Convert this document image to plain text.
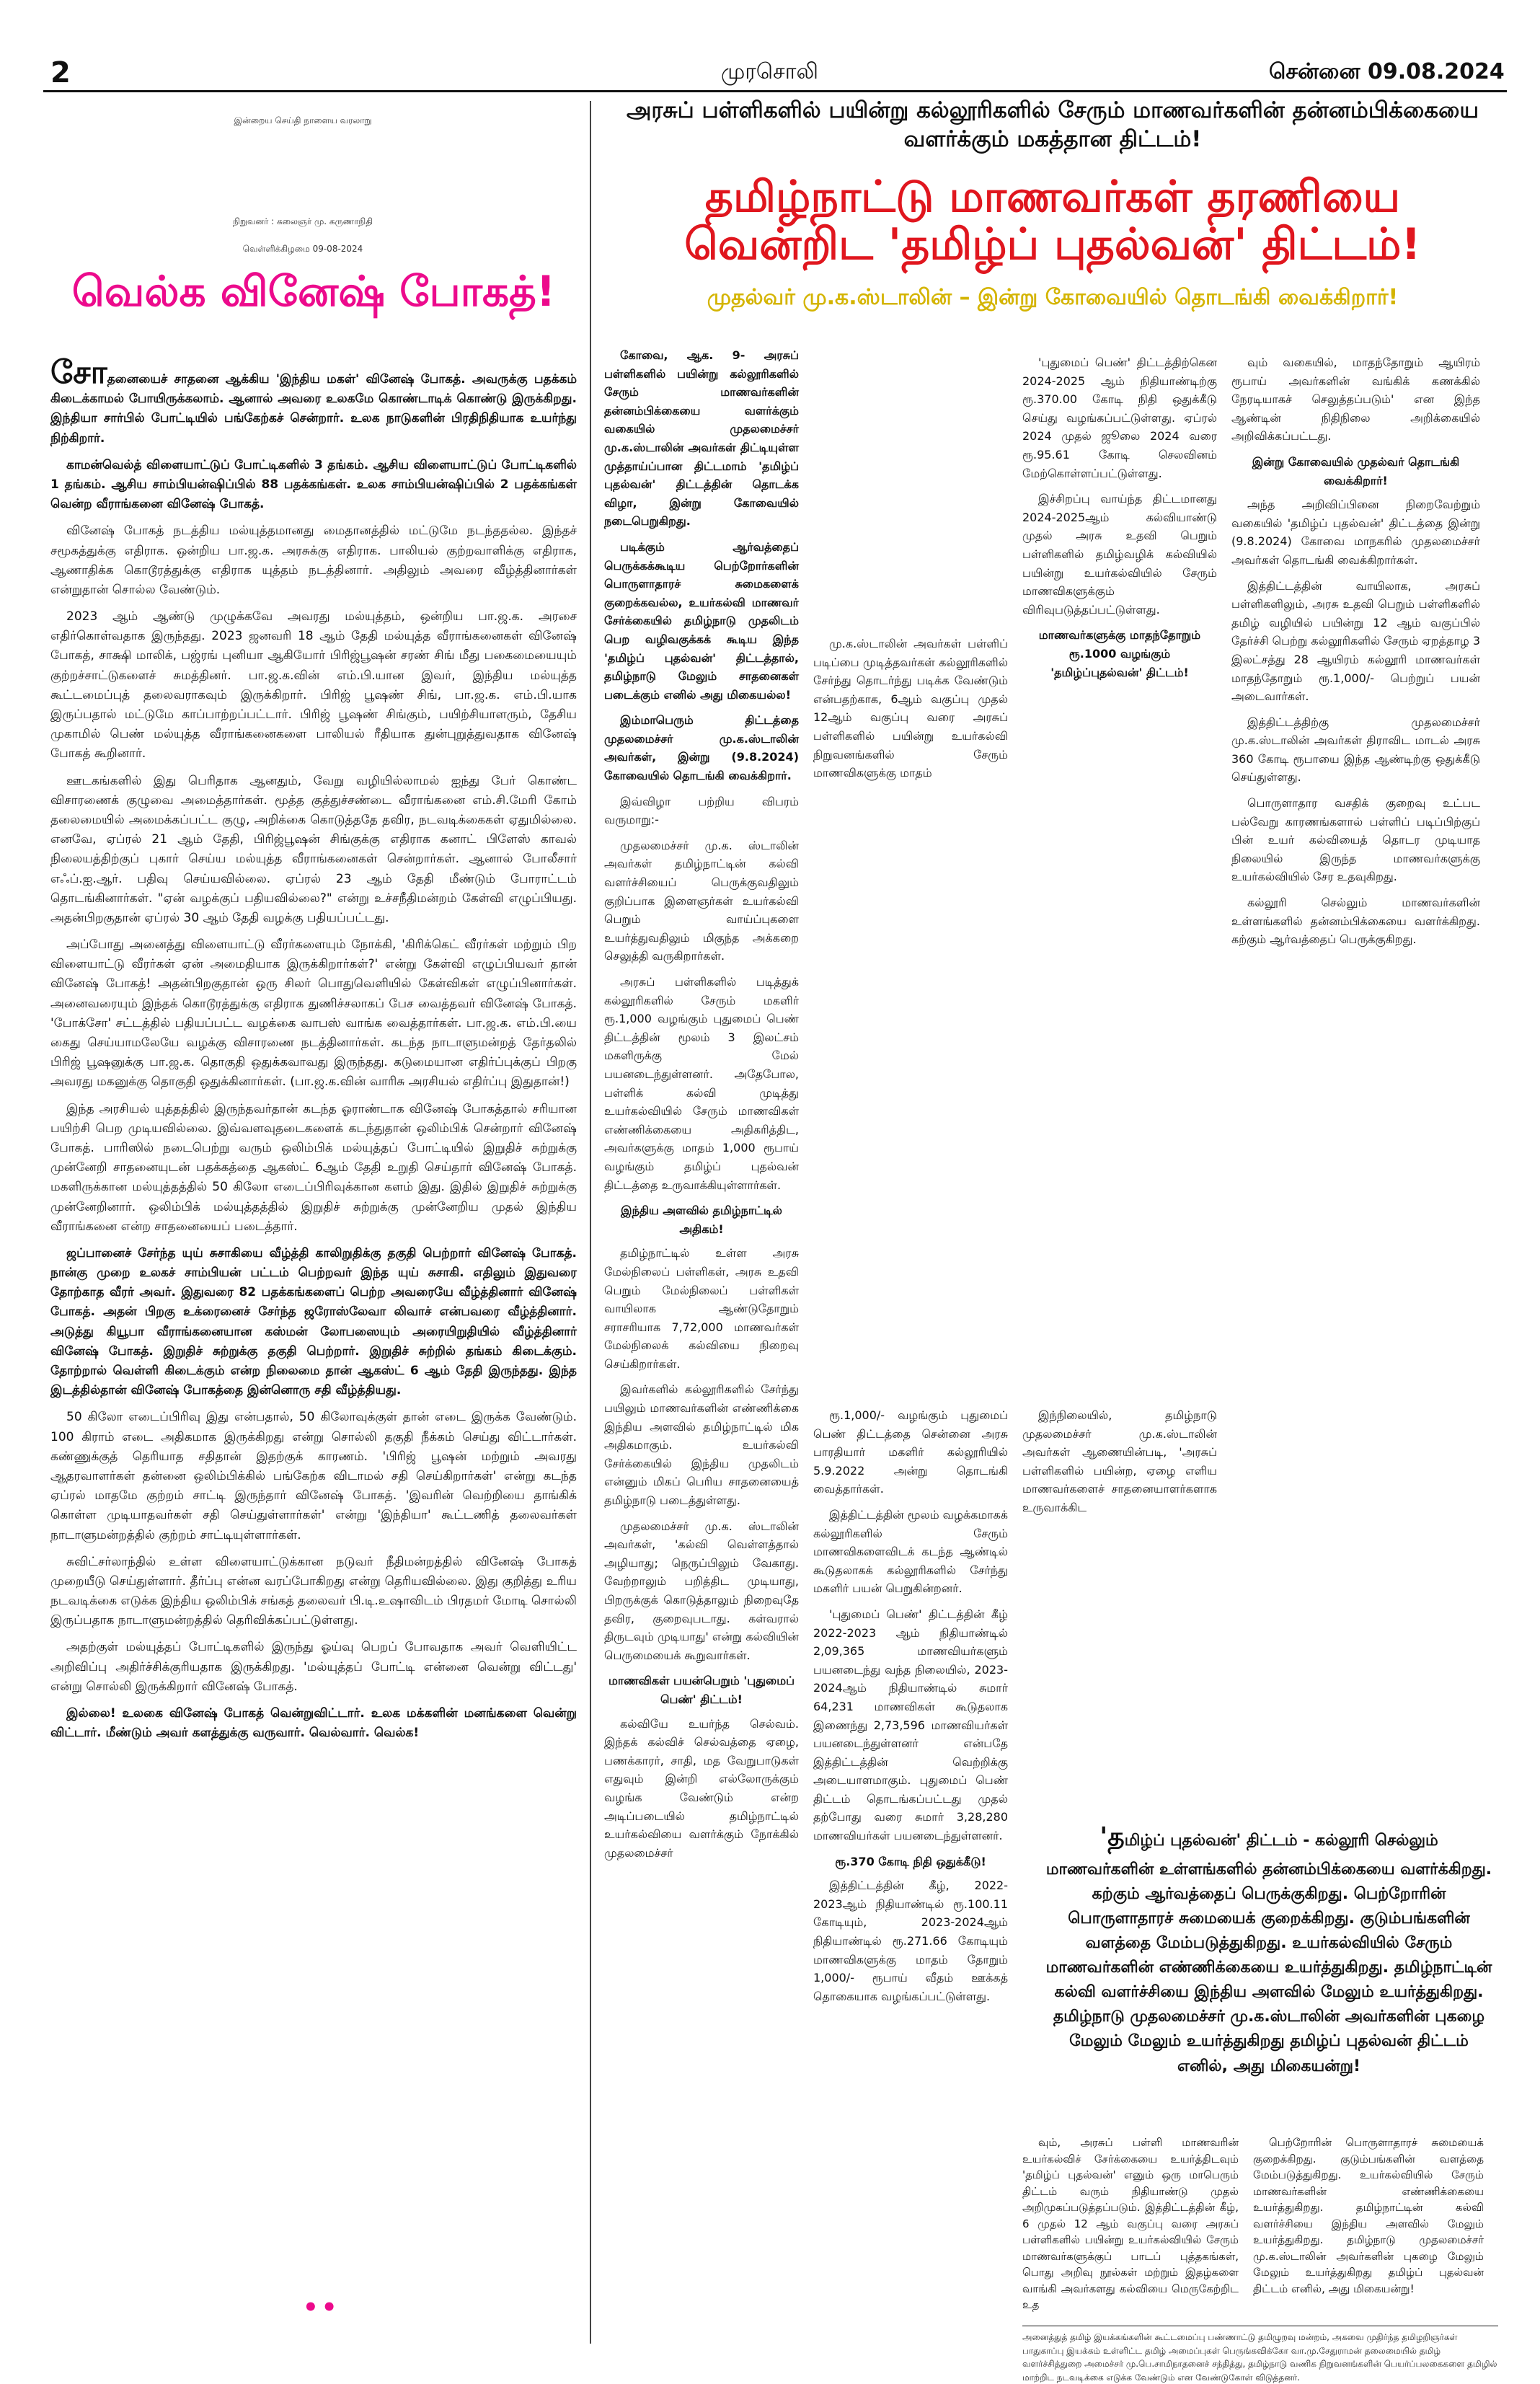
2	முரசொலி	சென்னை 09.08.2024
இன்றைய செய்தி நாளைய வரலாறு
நிறுவனர் : கலைஞர் மு. கருணாநிதி
வெள்ளிக்கிழமை 09-08-2024
வெல்க வினேஷ் போகத்!
அரசுப் பள்ளிகளில் பயின்று கல்லூரிகளில் சேரும் மாணவர்களின் தன்னம்பிக்கையை வளர்க்கும் மகத்தான திட்டம்!
தமிழ்நாட்டு மாணவர்கள் தரணியை வென்றிட 'தமிழ்ப் புதல்வன்' திட்டம்!
முதல்வர் மு.க.ஸ்டாலின் – இன்று கோவையில் தொடங்கி வைக்கிறார்!

சோதனையைச் சாதனை ஆக்கிய 'இந்திய மகள்' வினேஷ் போகத். அவருக்கு பதக்கம் கிடைக்காமல் போயிருக்கலாம். ஆனால் அவரை உலகமே கொண்டாடிக் கொண்டு இருக்கிறது. இந்தியா சார்பில் போட்டியில் பங்கேற்கச் சென்றார். உலக நாடுகளின் பிரதிநிதியாக உயர்ந்து நிற்கிறார்.

காமன்வெல்த் விளையாட்டுப் போட்டிகளில் 3 தங்கம். ஆசிய விளையாட்டுப் போட்டிகளில் 1 தங்கம். ஆசிய சாம்பியன்ஷிப்பில் 88 பதக்கங்கள். உலக சாம்பியன்ஷிப்பில் 2 பதக்கங்கள் வென்ற வீராங்கனை வினேஷ் போகத்.

வினேஷ் போகத் நடத்திய மல்யுத்தமானது மைதானத்தில் மட்டுமே நடந்ததல்ல. இந்தச் சமூகத்துக்கு எதிராக. ஒன்றிய பா.ஜ.க. அரசுக்கு எதிராக. பாலியல் குற்றவாளிக்கு எதிராக, ஆணாதிக்க கொடூரத்துக்கு எதிராக யுத்தம் நடத்தினார். அதிலும் அவரை வீழ்த்தினார்கள் என்றுதான் சொல்ல வேண்டும்.

2023 ஆம் ஆண்டு முழுக்கவே அவரது மல்யுத்தம், ஒன்றிய பா.ஜ.க. அரசை எதிர்கொள்வதாக இருந்தது. 2023 ஜனவரி 18 ஆம் தேதி மல்யுத்த வீராங்கனைகள் வினேஷ் போகத், சாக்ஷி மாலிக், பஜ்ரங் புனியா ஆகியோர் பிரிஜ்பூஷன் சரண் சிங் மீது பகைமையையும் குற்றச்சாட்டுகளைச் சுமத்தினர். பா.ஜ.க.வின் எம்.பி.யான இவர், இந்திய மல்யுத்த கூட்டமைப்புத் தலைவராகவும் இருக்கிறார். பிரிஜ் பூஷண் சிங், பா.ஜ.க. எம்.பி.யாக இருப்பதால் மட்டுமே காப்பாற்றப்பட்டார். பிரிஜ் பூஷண் சிங்கும், பயிற்சியாளரும், தேசிய முகாமில் பெண் மல்யுத்த வீராங்கனைகளை பாலியல் ரீதியாக துன்புறுத்துவதாக வினேஷ் போகத் கூறினார்.

ஊடகங்களில் இது பெரிதாக ஆனதும், வேறு வழியில்லாமல் ஐந்து பேர் கொண்ட விசாரணைக் குழுவை அமைத்தார்கள். மூத்த குத்துச்சண்டை வீராங்கனை எம்.சி.மேரி கோம் தலைமையில் அமைக்கப்பட்ட குழு, அறிக்கை கொடுத்ததே தவிர, நடவடிக்கைகள் ஏதுமில்லை. எனவே, ஏப்ரல் 21 ஆம் தேதி, பிரிஜ்பூஷன் சிங்குக்கு எதிராக கனாட் பிளேஸ் காவல் நிலையத்திற்குப் புகார் செய்ய மல்யுத்த வீராங்கனைகள் சென்றார்கள். ஆனால் போலீசார் எஃப்.ஐ.ஆர். பதிவு செய்யவில்லை. ஏப்ரல் 23 ஆம் தேதி மீண்டும் போராட்டம் தொடங்கினார்கள். "ஏன் வழக்குப் பதியவில்லை?" என்று உச்சநீதிமன்றம் கேள்வி எழுப்பியது. அதன்பிறகுதான் ஏப்ரல் 30 ஆம் தேதி வழக்கு பதியப்பட்டது.

அப்போது அனைத்து விளையாட்டு வீரர்களையும் நோக்கி, 'கிரிக்கெட் வீரர்கள் மற்றும் பிற விளையாட்டு வீரர்கள் ஏன் அமைதியாக இருக்கிறார்கள்?' என்று கேள்வி எழுப்பியவர் தான் வினேஷ் போகத்! அதன்பிறகுதான் ஒரு சிலர் பொதுவெளியில் கேள்விகள் எழுப்பினார்கள். அனைவரையும் இந்தக் கொடூரத்துக்கு எதிராக துணிச்சலாகப் பேச வைத்தவர் வினேஷ் போகத். 'போக்சோ' சட்டத்தில் பதியப்பட்ட வழக்கை வாபஸ் வாங்க வைத்தார்கள். பா.ஜ.க. எம்.பி.யை கைது செய்யாமலேயே வழக்கு விசாரணை நடத்தினார்கள். கடந்த நாடாளுமன்றத் தேர்தலில் பிரிஜ் பூஷனுக்கு பா.ஜ.க. தொகுதி ஒதுக்கவாவது இருந்தது. கடுமையான எதிர்ப்புக்குப் பிறகு அவரது மகனுக்கு தொகுதி ஒதுக்கினார்கள். (பா.ஜ.க.வின் வாரிசு அரசியல் எதிர்ப்பு இதுதான்!)

இந்த அரசியல் யுத்தத்தில் இருந்தவர்தான் கடந்த ஓராண்டாக வினேஷ் போகத்தால் சரியான பயிற்சி பெற முடியவில்லை. இவ்வளவுதடைகளைக் கடந்துதான் ஒலிம்பிக் சென்றார் வினேஷ் போகத். பாரிஸில் நடைபெற்று வரும் ஒலிம்பிக் மல்யுத்தப் போட்டியில் இறுதிச் சுற்றுக்கு முன்னேறி சாதனையுடன் பதக்கத்தை ஆகஸ்ட் 6ஆம் தேதி உறுதி செய்தார் வினேஷ் போகத். மகளிருக்கான மல்யுத்தத்தில் 50 கிலோ எடைப்பிரிவுக்கான களம் இது. இதில் இறுதிச் சுற்றுக்கு முன்னேறினார். ஒலிம்பிக் மல்யுத்தத்தில் இறுதிச் சுற்றுக்கு முன்னேறிய முதல் இந்திய வீராங்கனை என்ற சாதனையைப் படைத்தார்.

ஜப்பானைச் சேர்ந்த யுய் சுசாகியை வீழ்த்தி காலிறுதிக்கு தகுதி பெற்றார் வினேஷ் போகத். நான்கு முறை உலகச் சாம்பியன் பட்டம் பெற்றவர் இந்த யுய் சுசாகி. எதிலும் இதுவரை தோற்காத வீரர் அவர். இதுவரை 82 பதக்கங்களைப் பெற்ற அவரையே வீழ்த்தினார் வினேஷ் போகத். அதன் பிறகு உக்ரைனைச் சேர்ந்த ஜரோஸ்லேவா லிவாச் என்பவரை வீழ்த்தினார். அடுத்து கியூபா வீராங்கனையான கஸ்மன் லோபஸையும் அரையிறுதியில் வீழ்த்தினார் வினேஷ் போகத். இறுதிச் சுற்றுக்கு தகுதி பெற்றார். இறுதிச் சுற்றில் தங்கம் கிடைக்கும். தோற்றால் வெள்ளி கிடைக்கும் என்ற நிலைமை தான் ஆகஸ்ட் 6 ஆம் தேதி இருந்தது. இந்த இடத்தில்தான் வினேஷ் போகத்தை இன்னொரு சதி வீழ்த்தியது.

50 கிலோ எடைப்பிரிவு இது என்பதால், 50 கிலோவுக்குள் தான் எடை இருக்க வேண்டும். 100 கிராம் எடை அதிகமாக இருக்கிறது என்று சொல்லி தகுதி நீக்கம் செய்து விட்டார்கள். கண்ணுக்குத் தெரியாத சதிதான் இதற்குக் காரணம். 'பிரிஜ் பூஷன் மற்றும் அவரது ஆதரவாளர்கள் தன்னை ஒலிம்பிக்கில் பங்கேற்க விடாமல் சதி செய்கிறார்கள்' என்று கடந்த ஏப்ரல் மாதமே குற்றம் சாட்டி இருந்தார் வினேஷ் போகத். 'இவரின் வெற்றியை தாங்கிக் கொள்ள முடியாதவர்கள் சதி செய்துள்ளார்கள்' என்று 'இந்தியா' கூட்டணித் தலைவர்கள் நாடாளுமன்றத்தில் குற்றம் சாட்டியுள்ளார்கள்.

சுவிட்சர்லாந்தில் உள்ள விளையாட்டுக்கான நடுவர் நீதிமன்றத்தில் வினேஷ் போகத் முறையீடு செய்துள்ளார். தீர்ப்பு என்ன வரப்போகிறது என்று தெரியவில்லை. இது குறித்து உரிய நடவடிக்கை எடுக்க இந்திய ஒலிம்பிக் சங்கத் தலைவர் பி.டி.உஷாவிடம் பிரதமர் மோடி சொல்லி இருப்பதாக நாடாளுமன்றத்தில் தெரிவிக்கப்பட்டுள்ளது.

அதற்குள் மல்யுத்தப் போட்டிகளில் இருந்து ஓய்வு பெறப் போவதாக அவர் வெளியிட்ட அறிவிப்பு அதிர்ச்சிக்குரியதாக இருக்கிறது. 'மல்யுத்தப் போட்டி என்னை வென்று விட்டது' என்று சொல்லி இருக்கிறார் வினேஷ் போகத்.

இல்லை! உலகை வினேஷ் போகத் வென்றுவிட்டார். உலக மக்களின் மனங்களை வென்று விட்டார். மீண்டும் அவர் களத்துக்கு வருவார். வெல்வார். வெல்க!

••

கோவை, ஆக. 9- அரசுப் பள்ளிகளில் பயின்று கல்லூரிகளில் சேரும் மாணவர்களின் தன்னம்பிக்கையை வளர்க்கும் வகையில் முதலமைச்சர் மு.க.ஸ்டாலின் அவர்கள் திட்டியுள்ள முத்தாய்ப்பான திட்டமாம் 'தமிழ்ப் புதல்வன்' திட்டத்தின் தொடக்க விழா, இன்று கோவையில் நடைபெறுகிறது.

படிக்கும் ஆர்வத்தைப் பெருக்கக்கூடிய பெற்றோர்களின் பொருளாதாரச் சுமைகளைக் குறைக்கவல்ல, உயர்கல்வி மாணவர் சேர்க்கையில் தமிழ்நாடு முதலிடம் பெற வழிவகுக்கக் கூடிய இந்த 'தமிழ்ப் புதல்வன்' திட்டத்தால், தமிழ்நாடு மேலும் சாதனைகள் படைக்கும் எனில் அது மிகையல்ல!

இம்மாபெரும் திட்டத்தை முதலமைச்சர் மு.க.ஸ்டாலின் அவர்கள், இன்று (9.8.2024) கோவையில் தொடங்கி வைக்கிறார்.

இவ்விழா பற்றிய விபரம் வருமாறு:-

முதலமைச்சர் மு.க. ஸ்டாலின் அவர்கள் தமிழ்நாட்டின் கல்வி வளர்ச்சியைப் பெருக்குவதிலும் குறிப்பாக இளைஞர்கள் உயர்கல்வி பெறும் வாய்ப்புகளை உயர்த்துவதிலும் மிகுந்த அக்கறை செலுத்தி வருகிறார்கள்.

அரசுப் பள்ளிகளில் படித்துக் கல்லூரிகளில் சேரும் மகளிர் ரூ.1,000 வழங்கும் புதுமைப் பெண் திட்டத்தின் மூலம் 3 இலட்சம் மகளிருக்கு மேல் பயனடைந்துள்ளனர். அதேபோல, பள்ளிக் கல்வி முடித்து உயர்கல்வியில் சேரும் மாணவிகள் எண்ணிக்கையை அதிகரித்திட, அவர்களுக்கு மாதம் 1,000 ரூபாய் வழங்கும் தமிழ்ப் புதல்வன் திட்டத்தை உருவாக்கியுள்ளார்கள்.

இந்திய அளவில் தமிழ்நாட்டில் அதிகம்!

தமிழ்நாட்டில் உள்ள அரசு மேல்நிலைப் பள்ளிகள், அரசு உதவி பெறும் மேல்நிலைப் பள்ளிகள் வாயிலாக ஆண்டுதோறும் சராசரியாக 7,72,000 மாணவர்கள் மேல்நிலைக் கல்வியை நிறைவு செய்கிறார்கள்.

இவர்களில் கல்லூரிகளில் சேர்ந்து பயிலும் மாணவர்களின் எண்ணிக்கை இந்திய அளவில் தமிழ்நாட்டில் மிக அதிகமாகும். உயர்கல்வி சேர்க்கையில் இந்திய முதலிடம் என்னும் மிகப் பெரிய சாதனையைத் தமிழ்நாடு படைத்துள்ளது.

முதலமைச்சர் மு.க. ஸ்டாலின் அவர்கள், 'கல்வி வெள்ளத்தால் அழியாது; நெருப்பிலும் வேகாது. வேற்றாலும் பறித்திட முடியாது, பிறருக்குக் கொடுத்தாலும் நிறைவுதே தவிர, குறைவுபடாது. கள்வரால் திருடவும் முடியாது' என்று கல்வியின் பெருமையைக் கூறுவார்கள்.

மாணவிகள் பயன்பெறும் 'புதுமைப் பெண்' திட்டம்!

கல்வியே உயர்ந்த செல்வம். இந்தக் கல்விச் செல்வத்தை ஏழை, பணக்காரர், சாதி, மத வேறுபாடுகள் எதுவும் இன்றி எல்லோருக்கும் வழங்க வேண்டும் என்ற அடிப்படையில் தமிழ்நாட்டில் உயர்கல்வியை வளர்க்கும் நோக்கில் முதலமைச்சர்

மு.க.ஸ்டாலின் அவர்கள் பள்ளிப் படிப்பை முடித்தவர்கள் கல்லூரிகளில் சேர்ந்து தொடர்ந்து படிக்க வேண்டும் என்பதற்காக, 6ஆம் வகுப்பு முதல் 12ஆம் வகுப்பு வரை அரசுப் பள்ளிகளில் பயின்று உயர்கல்வி நிறுவனங்களில் சேரும் மாணவிகளுக்கு மாதம்

ரூ.1,000/- வழங்கும் புதுமைப் பெண் திட்டத்தை சென்னை அரசு பாரதியார் மகளிர் கல்லூரியில் 5.9.2022 அன்று தொடங்கி வைத்தார்கள்.

இத்திட்டத்தின் மூலம் வழக்கமாகக் கல்லூரிகளில் சேரும் மாணவிகளைவிடக் கடந்த ஆண்டில் கூடுதலாகக் கல்லூரிகளில் சேர்ந்து மகளிர் பயன் பெறுகின்றனர்.

'புதுமைப் பெண்' திட்டத்தின் கீழ் 2022-2023 ஆம் நிதியாண்டில் 2,09,365 மாணவியர்களும் பயனடைந்து வந்த நிலையில், 2023-2024ஆம் நிதியாண்டில் சுமார் 64,231 மாணவிகள் கூடுதலாக இணைந்து 2,73,596 மாணவியர்கள் பயனடைந்துள்ளனர் என்பதே இத்திட்டத்தின் வெற்றிக்கு அடையாளமாகும். புதுமைப் பெண் திட்டம் தொடங்கப்பட்டது முதல் தற்போது வரை சுமார் 3,28,280 மாணவியர்கள் பயனடைந்துள்ளனர்.

ரூ.370 கோடி நிதி ஒதுக்கீடு!

இத்திட்டத்தின் கீழ், 2022-2023ஆம் நிதியாண்டில் ரூ.100.11 கோடியும், 2023-2024ஆம் நிதியாண்டில் ரூ.271.66 கோடியும் மாணவிகளுக்கு மாதம் தோறும் 1,000/- ரூபாய் வீதம் ஊக்கத் தொகையாக வழங்கப்பட்டுள்ளது.

'புதுமைப் பெண்' திட்டத்திற்கென 2024-2025 ஆம் நிதியாண்டிற்கு ரூ.370.00 கோடி நிதி ஒதுக்கீடு செய்து வழங்கப்பட்டுள்ளது. ஏப்ரல் 2024 முதல் ஜூலை 2024 வரை ரூ.95.61 கோடி செலவினம் மேற்கொள்ளப்பட்டுள்ளது.

இச்சிறப்பு வாய்ந்த திட்டமானது 2024-2025ஆம் கல்வியாண்டு முதல் அரசு உதவி பெறும் பள்ளிகளில் தமிழ்வழிக் கல்வியில் பயின்று உயர்கல்வியில் சேரும் மாணவிகளுக்கும் விரிவுபடுத்தப்பட்டுள்ளது.

மாணவர்களுக்கு மாதந்தோறும் ரூ.1000 வழங்கும் 'தமிழ்ப்புதல்வன்' திட்டம்!

இந்நிலையில், தமிழ்நாடு முதலமைச்சர் மு.க.ஸ்டாலின் அவர்கள் ஆணையின்படி, 'அரசுப் பள்ளிகளில் பயின்ற, ஏழை எளிய மாணவர்களைச் சாதனையாளர்களாக உருவாக்கிட

வும் வகையில், மாதந்தோறும் ஆயிரம் ரூபாய் அவர்களின் வங்கிக் கணக்கில் நேரடியாகச் செலுத்தப்படும்' என இந்த ஆண்டின் நிதிநிலை அறிக்கையில் அறிவிக்கப்பட்டது.

இன்று கோவையில் முதல்வர் தொடங்கி வைக்கிறார்!

அந்த அறிவிப்பினை நிறைவேற்றும் வகையில் 'தமிழ்ப் புதல்வன்' திட்டத்தை இன்று (9.8.2024) கோவை மாநகரில் முதலமைச்சர் அவர்கள் தொடங்கி வைக்கிறார்கள்.

இத்திட்டத்தின் வாயிலாக, அரசுப் பள்ளிகளிலும், அரசு உதவி பெறும் பள்ளிகளில் தமிழ் வழியில் பயின்று 12 ஆம் வகுப்பில் தேர்ச்சி பெற்று கல்லூரிகளில் சேரும் ஏறத்தாழ 3 இலட்சத்து 28 ஆயிரம் கல்லூரி மாணவர்கள் மாதந்தோறும் ரூ.1,000/- பெற்றுப் பயன் அடைவார்கள்.

இத்திட்டத்திற்கு முதலமைச்சர் மு.க.ஸ்டாலின் அவர்கள் திராவிட மாடல் அரசு 360 கோடி ரூபாயை இந்த ஆண்டிற்கு ஒதுக்கீடு செய்துள்ளது.

பொருளாதார வசதிக் குறைவு உட்பட பல்வேறு காரணங்களால் பள்ளிப் படிப்பிற்குப் பின் உயர் கல்வியைத் தொடர முடியாத நிலையில் இருந்த மாணவர்களுக்கு உயர்கல்வியில் சேர உதவுகிறது.

கல்லூரி செல்லும் மாணவர்களின் உள்ளங்களில் தன்னம்பிக்கையை வளர்க்கிறது. கற்கும் ஆர்வத்தைப் பெருக்குகிறது.

'தமிழ்ப் புதல்வன்' திட்டம் - கல்லூரி செல்லும் மாணவர்களின் உள்ளங்களில் தன்னம்பிக்கையை வளர்க்கிறது. கற்கும் ஆர்வத்தைப் பெருக்குகிறது. பெற்றோரின் பொருளாதாரச் சுமையைக் குறைக்கிறது. குடும்பங்களின் வளத்தை மேம்படுத்துகிறது. உயர்கல்வியில் சேரும் மாணவர்களின் எண்ணிக்கையை உயர்த்துகிறது. தமிழ்நாட்டின் கல்வி வளர்ச்சியை இந்திய அளவில் மேலும் உயர்த்துகிறது. தமிழ்நாடு முதலமைச்சர் மு.க.ஸ்டாலின் அவர்களின் புகழை மேலும் மேலும் உயர்த்துகிறது தமிழ்ப் புதல்வன் திட்டம் எனில், அது மிகையன்று!

வும், அரசுப் பள்ளி மாணவரின் உயர்கல்விச் சேர்க்கையை உயர்த்திடவும் 'தமிழ்ப் புதல்வன்' எனும் ஒரு மாபெரும் திட்டம் வரும் நிதியாண்டு முதல் அறிமுகப்படுத்தப்படும். இத்திட்டத்தின் கீழ், 6 முதல் 12 ஆம் வகுப்பு வரை அரசுப் பள்ளிகளில் பயின்று உயர்கல்வியில் சேரும் மாணவர்களுக்குப் பாடப் புத்தகங்கள், பொது அறிவு நூல்கள் மற்றும் இதழ்களை வாங்கி அவர்களது கல்வியை மெருகேற்றிட உத

பெற்றோரின் பொருளாதாரச் சுமையைக் குறைக்கிறது. குடும்பங்களின் வளத்தை மேம்படுத்துகிறது. உயர்கல்வியில் சேரும் மாணவர்களின் எண்ணிக்கையை உயர்த்துகிறது. தமிழ்நாட்டின் கல்வி வளர்ச்சியை இந்திய அளவில் மேலும் உயர்த்துகிறது. தமிழ்நாடு முதலமைச்சர் மு.க.ஸ்டாலின் அவர்களின் புகழை மேலும் மேலும் உயர்த்துகிறது தமிழ்ப் புதல்வன் திட்டம் எனில், அது மிகையன்று!

அனைத்துத் தமிழ் இயக்கங்களின் கூட்டமைப்பு பண்ணாட்டு தமிழுறவு மன்றம், அகவை முதிர்ந்த தமிழறிஞர்கள் பாதுகாப்பு இயக்கம் உள்ளிட்ட தமிழ் அமைப்புகள் பெருங்கவிக்கோ வா.மு.சேதுராமன் தலைமையில் தமிழ் வளர்ச்சித்துறை அமைச்சர் மு.பெ.சாமிநாதனைச் சந்தித்து, தமிழ்நாடு வணிக நிறுவனங்களின் பெயர்ப்பலகைகளை தமிழில் மாற்றிட நடவடிக்கை எடுக்க வேண்டும் என வேண்டுகோள் விடுத்தனர்.
